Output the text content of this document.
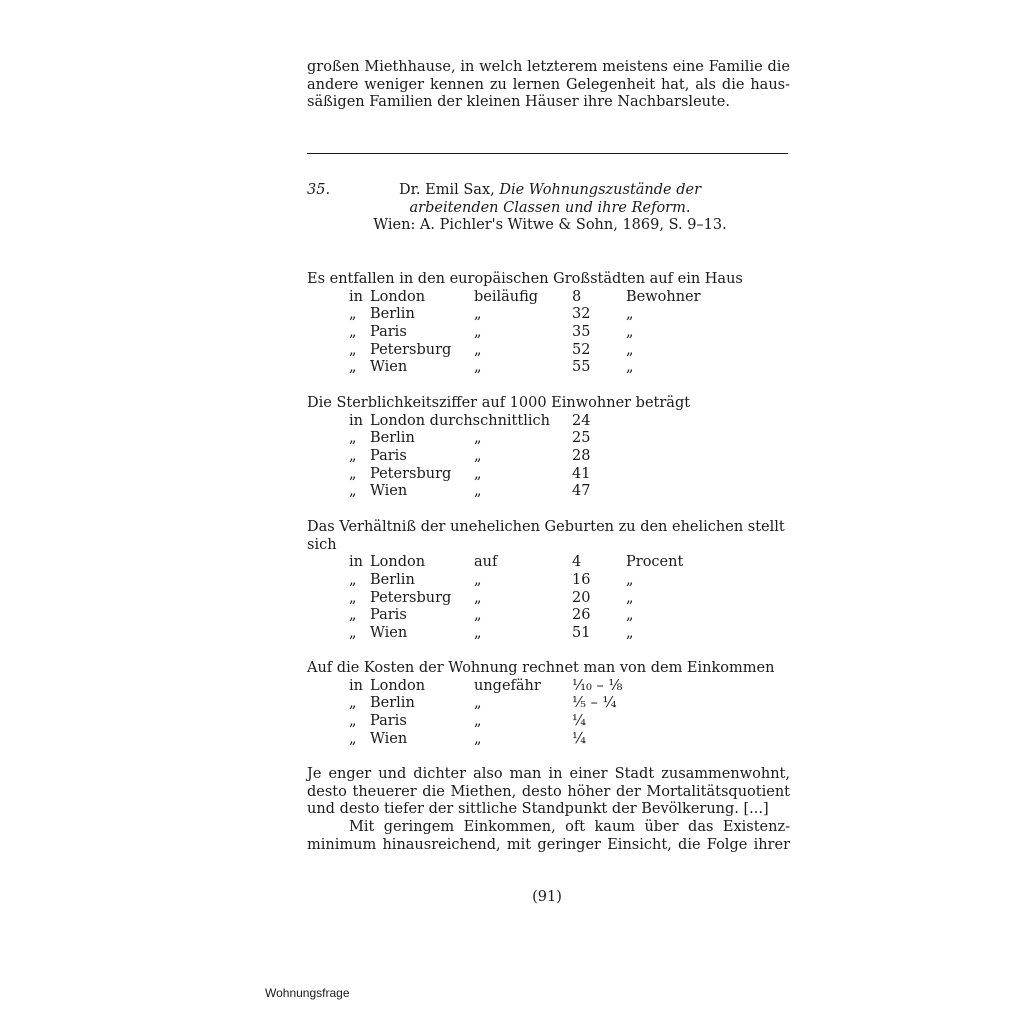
großen Miethhause, in welch letzterem meistens eine Familie die
andere weniger kennen zu lernen Gelegenheit hat, als die haus-
säßigen Familien der kleinen Häuser ihre Nachbarsleute.
35.	Dr. Emil Sax, Die Wohnungszustände der
arbeitenden Classen und ihre Reform.
Wien: A. Pichler's Witwe & Sohn, 1869, S. 9–13.
Es entfallen in den europäischen Großstädten auf ein Haus
in London	beiläufig 8	Bewohner
„ Berlin	„	32 „
„ Paris	„	35 „
„ Petersburg „	52 „
„ Wien	„	55 „
Die Sterblichkeitsziffer auf 1000 Einwohner beträgt
in London durchschnittlich 24
„ Berlin	„	25
„ Paris	„	28
„ Petersburg „	41
„ Wien	„	47
Das Verhältniß der unehelichen Geburten zu den ehelichen stellt sich
in London	auf	4	Procent
„ Berlin	„	16 „
„ Petersburg „	20 „
„ Paris	„	26 „
„ Wien	„	51 „
Auf die Kosten der Wohnung rechnet man von dem Einkommen
in London	ungefähr ⅒ – ⅛
„ Berlin	„	⅕ – ¼
„ Paris	„	¼
„ Wien	„	¼
Je enger und dichter also man in einer Stadt zusammenwohnt,
desto theuerer die Miethen, desto höher der Mortalitätsquotient
und desto tiefer der sittliche Standpunkt der Bevölkerung. [...]
Mit geringem Einkommen, oft kaum über das Existenz-
minimum hinausreichend, mit geringer Einsicht, die Folge ihrer
(91)
Wohnungsfrage
